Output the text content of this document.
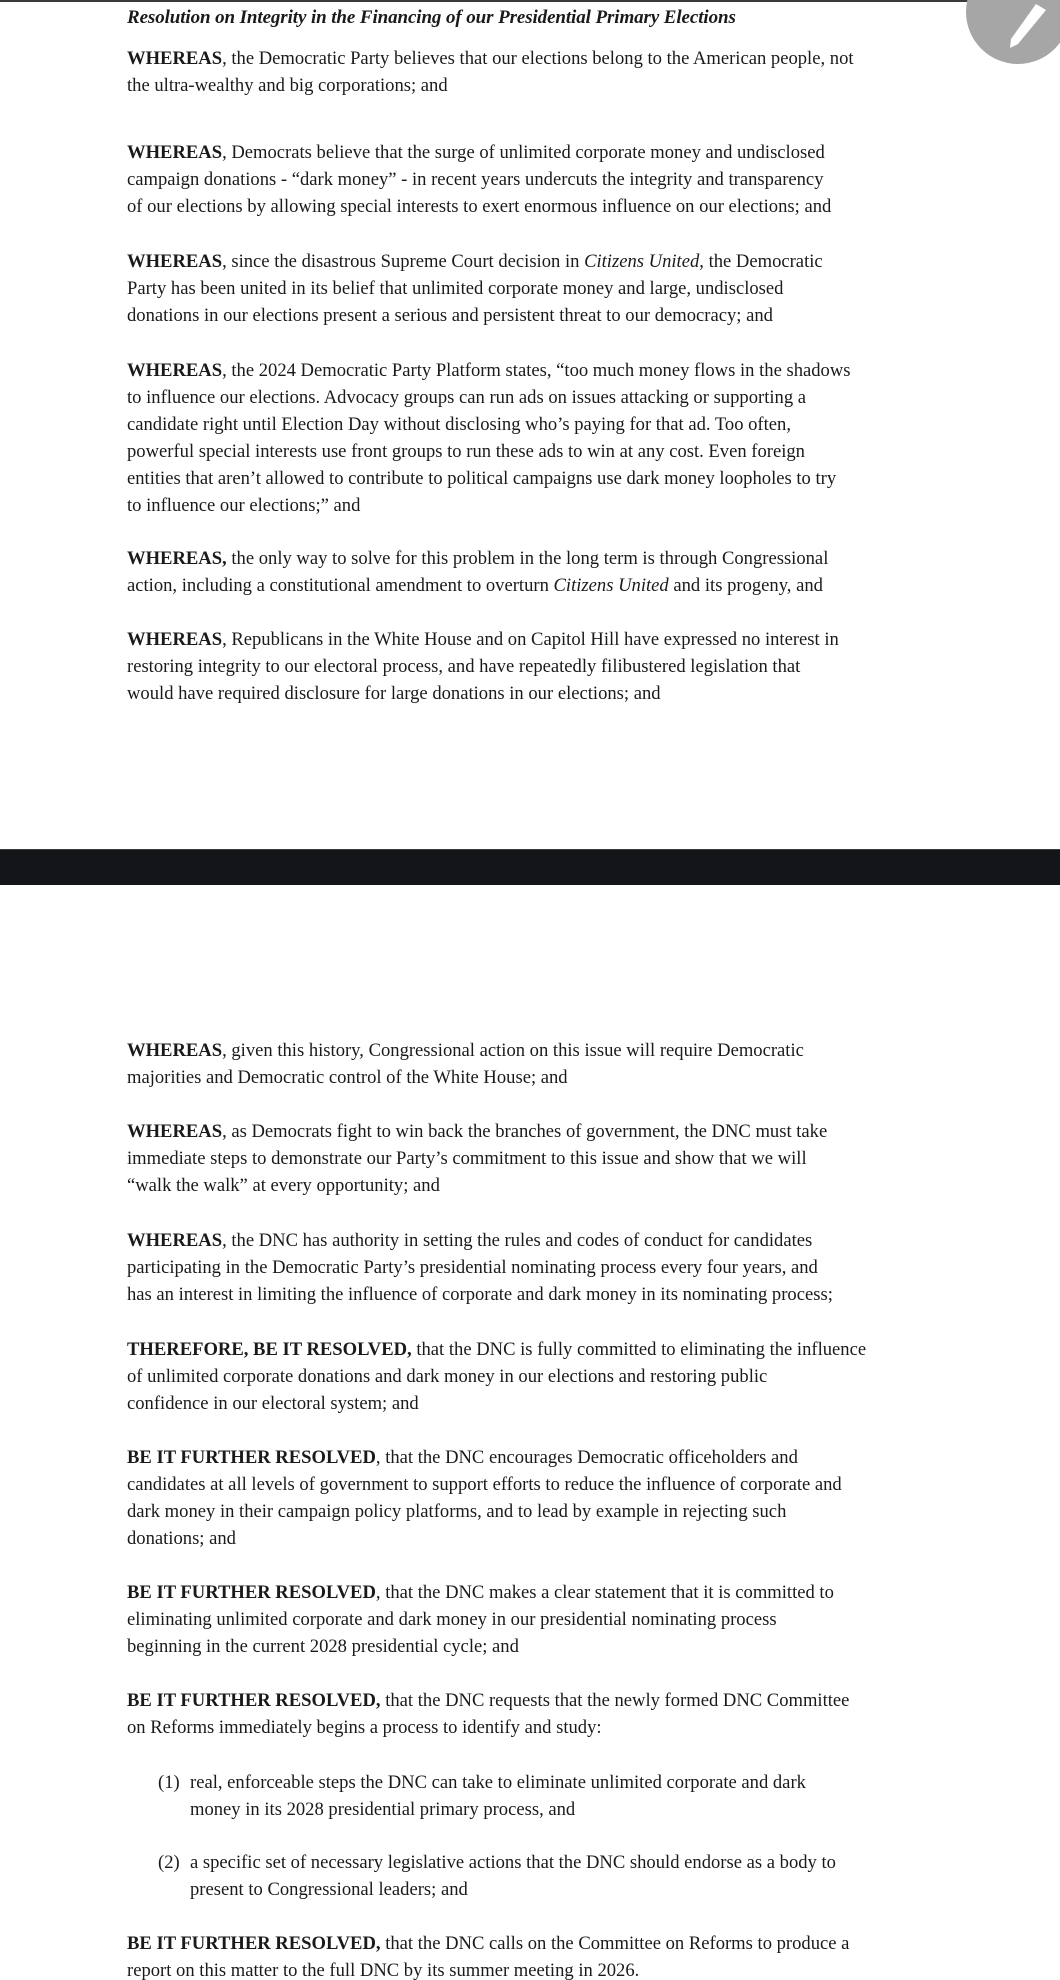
Resolution on Integrity in the Financing of our Presidential Primary Elections
WHEREAS, the Democratic Party believes that our elections belong to the American people, not
the ultra-wealthy and big corporations; and
WHEREAS, Democrats believe that the surge of unlimited corporate money and undisclosed
campaign donations - “dark money” - in recent years undercuts the integrity and transparency
of our elections by allowing special interests to exert enormous influence on our elections; and
WHEREAS, since the disastrous Supreme Court decision in Citizens United, the Democratic
Party has been united in its belief that unlimited corporate money and large, undisclosed
donations in our elections present a serious and persistent threat to our democracy; and
WHEREAS, the 2024 Democratic Party Platform states, “too much money flows in the shadows
to influence our elections. Advocacy groups can run ads on issues attacking or supporting a
candidate right until Election Day without disclosing who’s paying for that ad. Too often,
powerful special interests use front groups to run these ads to win at any cost. Even foreign
entities that aren’t allowed to contribute to political campaigns use dark money loopholes to try
to influence our elections;” and
WHEREAS, the only way to solve for this problem in the long term is through Congressional
action, including a constitutional amendment to overturn Citizens United and its progeny, and
WHEREAS, Republicans in the White House and on Capitol Hill have expressed no interest in
restoring integrity to our electoral process, and have repeatedly filibustered legislation that
would have required disclosure for large donations in our elections; and
WHEREAS, given this history, Congressional action on this issue will require Democratic
majorities and Democratic control of the White House; and
WHEREAS, as Democrats fight to win back the branches of government, the DNC must take
immediate steps to demonstrate our Party’s commitment to this issue and show that we will
“walk the walk” at every opportunity; and
WHEREAS, the DNC has authority in setting the rules and codes of conduct for candidates
participating in the Democratic Party’s presidential nominating process every four years, and
has an interest in limiting the influence of corporate and dark money in its nominating process;
THEREFORE, BE IT RESOLVED, that the DNC is fully committed to eliminating the influence
of unlimited corporate donations and dark money in our elections and restoring public
confidence in our electoral system; and
BE IT FURTHER RESOLVED, that the DNC encourages Democratic officeholders and
candidates at all levels of government to support efforts to reduce the influence of corporate and
dark money in their campaign policy platforms, and to lead by example in rejecting such
donations; and
BE IT FURTHER RESOLVED, that the DNC makes a clear statement that it is committed to
eliminating unlimited corporate and dark money in our presidential nominating process
beginning in the current 2028 presidential cycle; and
BE IT FURTHER RESOLVED, that the DNC requests that the newly formed DNC Committee
on Reforms immediately begins a process to identify and study:
(1) real, enforceable steps the DNC can take to eliminate unlimited corporate and dark
money in its 2028 presidential primary process, and
(2) a specific set of necessary legislative actions that the DNC should endorse as a body to
present to Congressional leaders; and
BE IT FURTHER RESOLVED, that the DNC calls on the Committee on Reforms to produce a
report on this matter to the full DNC by its summer meeting in 2026.
